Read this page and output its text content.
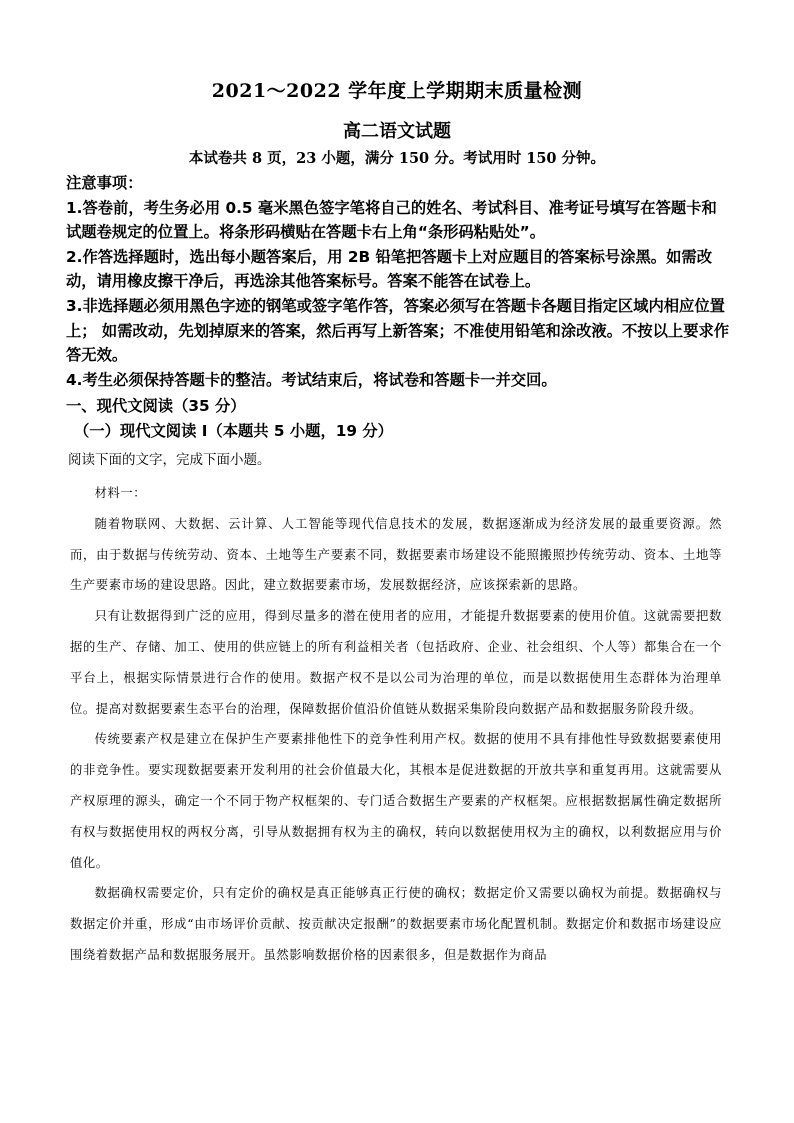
2021～2022 学年度上学期期末质量检测
高二语文试题
本试卷共 8 页，23 小题，满分 150 分。考试用时 150 分钟。

注意事项：

1.答卷前，考生务必用 0.5 毫米黑色签字笔将自己的姓名、考试科目、准考证号填写在答题卡和试题卷规定的位置上。将条形码横贴在答题卡右上角“条形码粘贴处”。

2.作答选择题时，选出每小题答案后，用 2B 铅笔把答题卡上对应题目的答案标号涂黑。如需改动，请用橡皮擦干净后，再选涂其他答案标号。答案不能答在试卷上。

3.非选择题必须用黑色字迹的钢笔或签字笔作答，答案必须写在答题卡各题目指定区域内相应位置上； 如需改动，先划掉原来的答案，然后再写上新答案；不准使用铅笔和涂改液。不按以上要求作答无效。

4.考生必须保持答题卡的整洁。考试结束后，将试卷和答题卡一并交回。

一、现代文阅读（35 分）
（一）现代文阅读 I（本题共 5 小题，19 分）
阅读下面的文字，完成下面小题。

材料一：

随着物联网、大数据、云计算、人工智能等现代信息技术的发展，数据逐渐成为经济发展的最重要资源。然而，由于数据与传统劳动、资本、土地等生产要素不同，数据要素市场建设不能照搬照抄传统劳动、资本、土地等生产要素市场的建设思路。因此，建立数据要素市场，发展数据经济，应该探索新的思路。

只有让数据得到广泛的应用，得到尽量多的潜在使用者的应用，才能提升数据要素的使用价值。这就需要把数据的生产、存储、加工、使用的供应链上的所有利益相关者（包括政府、企业、社会组织、个人等）都集合在一个平台上，根据实际情景进行合作的使用。数据产权不是以公司为治理的单位，而是以数据使用生态群体为治理单位。提高对数据要素生态平台的治理，保障数据价值沿价值链从数据采集阶段向数据产品和数据服务阶段升级。

传统要素产权是建立在保护生产要素排他性下的竞争性利用产权。数据的使用不具有排他性导致数据要素使用的非竞争性。要实现数据要素开发利用的社会价值最大化，其根本是促进数据的开放共享和重复再用。这就需要从产权原理的源头，确定一个不同于物产权框架的、专门适合数据生产要素的产权框架。应根据数据属性确定数据所有权与数据使用权的两权分离，引导从数据拥有权为主的确权，转向以数据使用权为主的确权，以利数据应用与价值化。

数据确权需要定价，只有定价的确权是真正能够真正行使的确权；数据定价又需要以确权为前提。数据确权与数据定价并重，形成“由市场评价贡献、按贡献决定报酬”的数据要素市场化配置机制。数据定价和数据市场建设应围绕着数据产品和数据服务展开。虽然影响数据价格的因素很多，但是数据作为商品
